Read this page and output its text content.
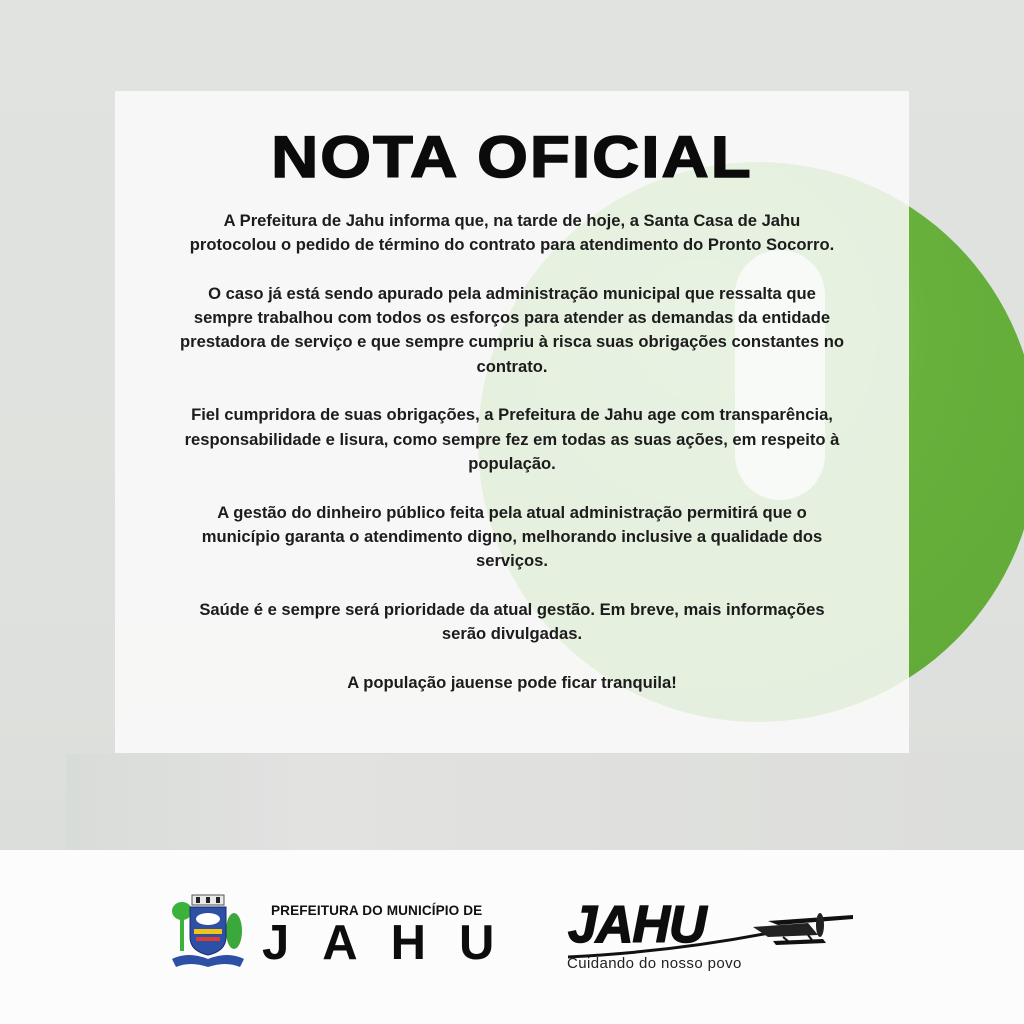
NOTA OFICIAL

A Prefeitura de Jahu informa que, na tarde de hoje, a Santa Casa de Jahu protocolou o pedido de término do contrato para atendimento do Pronto Socorro.

O caso já está sendo apurado pela administração municipal que ressalta que sempre trabalhou com todos os esforços para atender as demandas da entidade prestadora de serviço e que sempre cumpriu à risca suas obrigações constantes no contrato.

Fiel cumpridora de suas obrigações, a Prefeitura de Jahu age com transparência, responsabilidade e lisura, como sempre fez em todas as suas ações, em respeito à população.

A gestão do dinheiro público feita pela atual administração permitirá que o município garanta o atendimento digno, melhorando inclusive a qualidade dos serviços.

Saúde é e sempre será prioridade da atual gestão. Em breve, mais informações serão divulgadas.

A população jauense pode ficar tranquila!

PREFEITURA DO MUNICÍPIO DE
JAHU JAHU
Cuidando do nosso povo
